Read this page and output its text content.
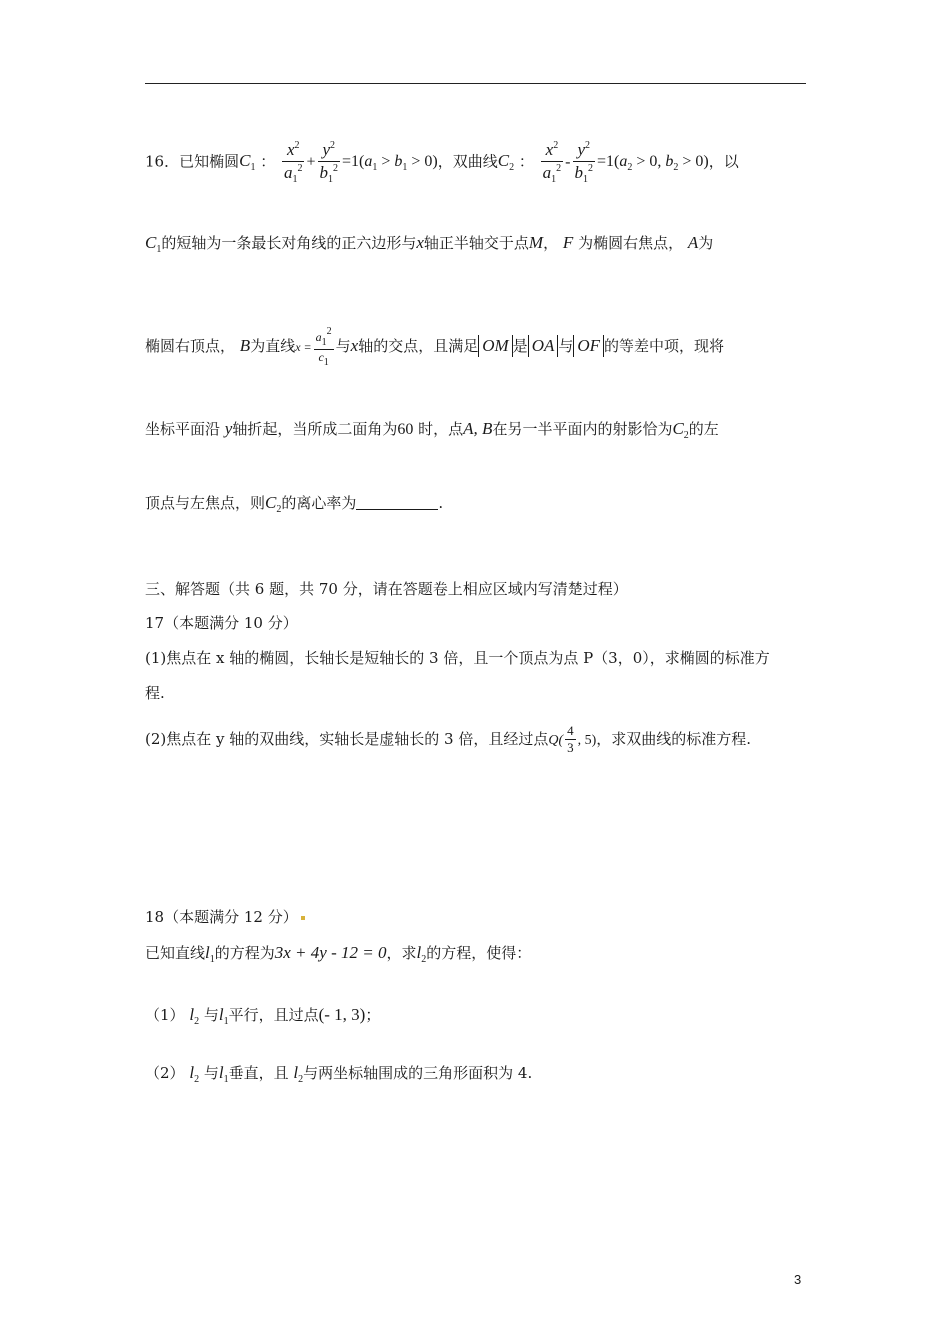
16．已知椭圆$C_1$ ： $\frac{x^2}{a_1^2} + \frac{y^2}{b_1^2} =1(a_1 > b_1 > 0)$，双曲线$C_2$ ： $\frac{x^2}{a_1^2} - \frac{y^2}{b_1^2} =1(a_2 > 0$, $b_2 > 0$)，以
$C_1$的短轴为一条最长对角线的正六边形与x轴正半轴交于点M， F 为椭圆右焦点， A为
椭圆右顶点， B为直线$x = \frac{a_1^2}{c_1}$ 与x轴的交点，且满足 OM 是 OA 与 OF 的等差中项，现将
坐标平面沿 y轴折起，当所成二面角为60 时，点A, B在另一半平面内的射影恰为$C_2$的左
顶点与左焦点，则$C_2$的离心率为	.
三、解答题（共 6 题，共 70 分，请在答题卷上相应区域内写清楚过程）
17（本题满分 10 分）
(1)焦点在 x 轴的椭圆，长轴长是短轴长的 3 倍，且一个顶点为点 P（3，0），求椭圆的标准方
程.
(2)焦点在 y 轴的双曲线，实轴长是虚轴长的 3 倍，且经过点$Q( \frac{4}{3}$ , 5)，求双曲线的标准方程.
18（本题满分 12 分）
已知直线$l_1$的方程为3x + 4y - 12 = 0，求$l_2$的方程，使得：
（1） $l_2$ 与$l_1$平行，且过点(- 1, 3)；
（2） $l_2$ 与$l_1$垂直，且 $l_2$与两坐标轴围成的三角形面积为 4.
3
